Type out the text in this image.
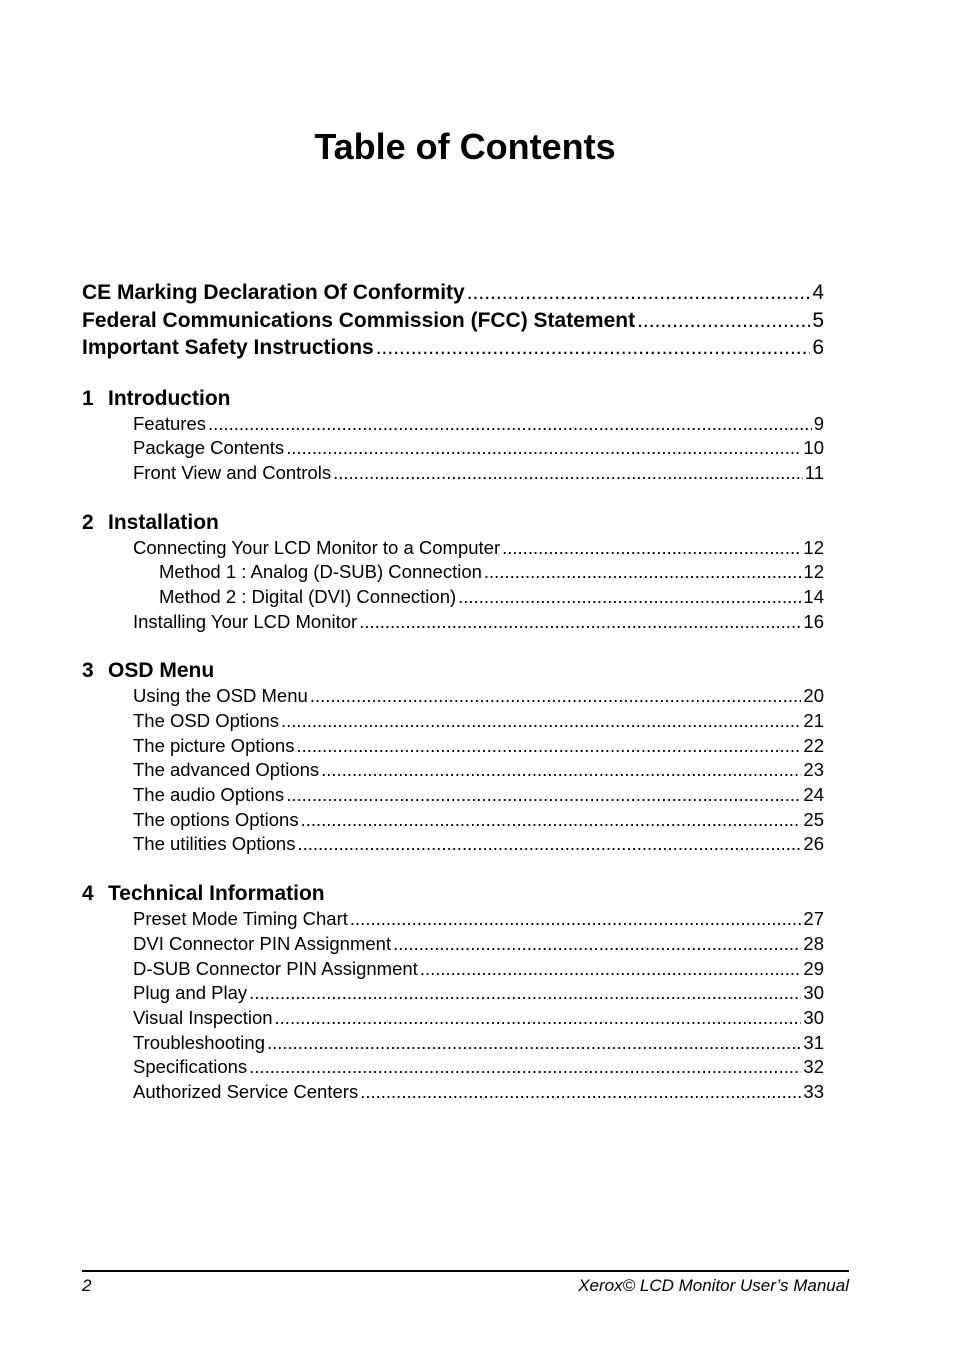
Table of Contents
CE Marking Declaration Of Conformity .....	4
Federal Communications Commission (FCC) Statement .....	5
Important Safety Instructions .....	6
1 Introduction
Features .....	9
Package Contents .....	10
Front View and Controls .....	11
2 Installation
Connecting Your LCD Monitor to a Computer .....	12
Method 1 : Analog (D-SUB) Connection .....	12
Method 2 : Digital (DVI) Connection) .....	14
Installing Your LCD Monitor .....	16
3 OSD Menu
Using the OSD Menu .....	20
The OSD Options .....	21
The picture Options .....	22
The advanced Options .....	23
The audio Options .....	24
The options Options .....	25
The utilities Options .....	26
4 Technical Information
Preset Mode Timing Chart .....	27
DVI Connector PIN Assignment .....	28
D-SUB Connector PIN Assignment .....	29
Plug and Play .....	30
Visual Inspection .....	30
Troubleshooting .....	31
Specifications .....	32
Authorized Service Centers .....	33
2	Xerox© LCD Monitor User’s Manual
